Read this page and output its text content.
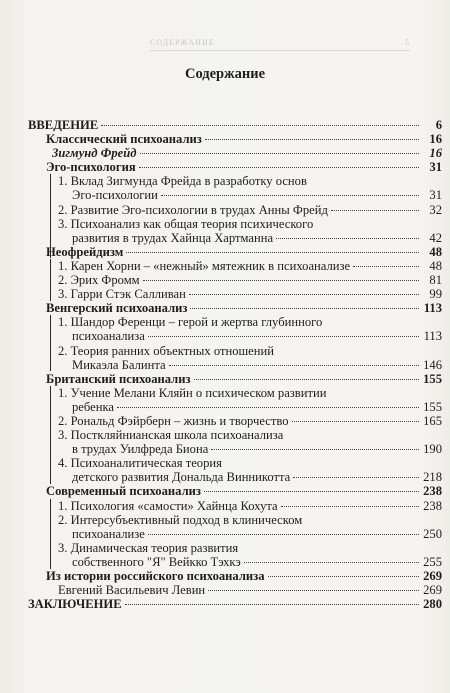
СОДЕРЖАНИЕ	5
Содержание
ВВЕДЕНИЕ	6
Классический психоанализ	16
Зигмунд Фрейд	16
Эго-психология	31
1. Вклад Зигмунда Фрейда в разработку основ
Эго-психологии	31
2. Развитие Эго-психологии в трудах Анны Фрейд	32
3. Психоанализ как общая теория психического
развития в трудах Хайнца Хартманна	42
Неофрейдизм	48
1. Карен Хорни – «нежный» мятежник в психоанализе	48
2. Эрих Фромм	81
3. Гарри Стэк Салливан	99
Венгерский психоанализ	113
1. Шандор Ференци – герой и жертва глубинного
психоанализа	113
2. Теория ранних объектных отношений
Микаэла Балинта	146
Британский психоанализ	155
1. Учение Мелани Кляйн о психическом развитии
ребенка	155
2. Рональд Фэйрберн – жизнь и творчество	165
3. Посткляйнианская школа психоанализа
в трудах Уилфреда Биона	190
4. Психоаналитическая теория
детского развития Дональда Винникотта	218
Современный психоанализ	238
1. Психология «самости» Хайнца Кохута	238
2. Интерсубъективный подход в клиническом
психоанализе	250
3. Динамическая теория развития
собственного "Я" Вейкко Тэхкэ	255
Из истории российского психоанализа	269
Евгений Васильевич Левин	269
ЗАКЛЮЧЕНИЕ	280
